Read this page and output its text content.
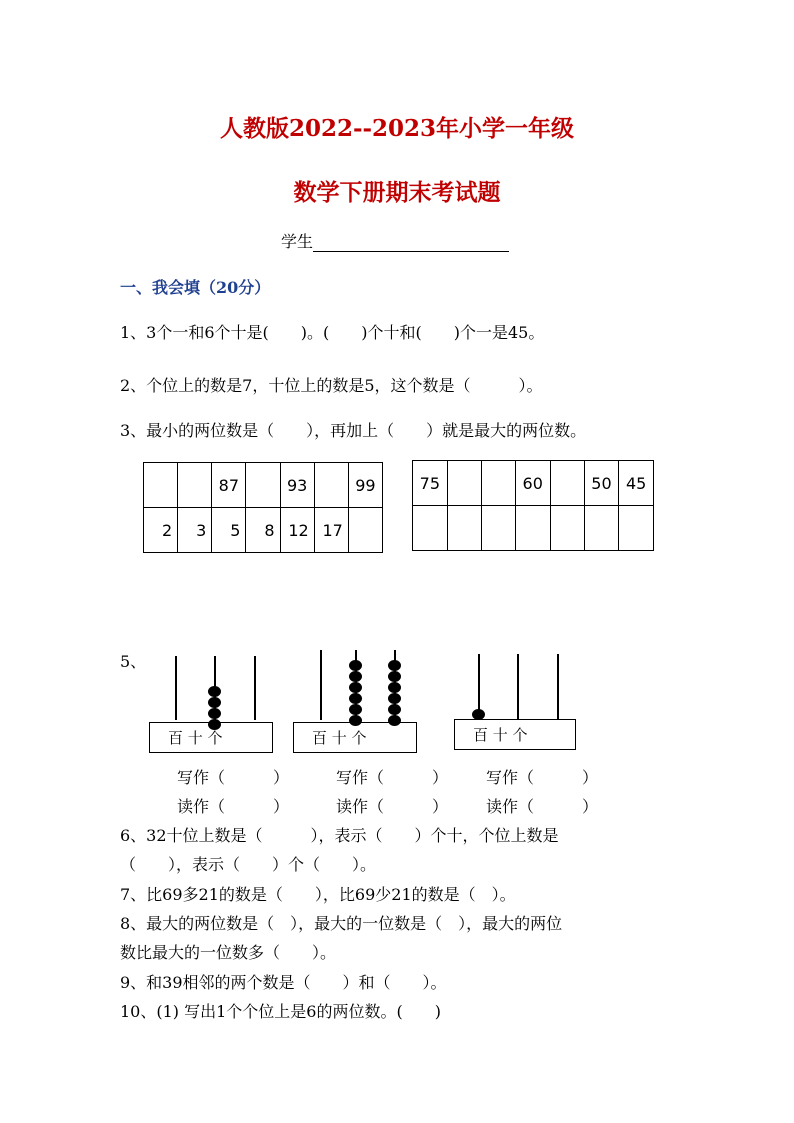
人教版2022--2023年小学一年级
数学下册期末考试题
学生
一、我会填（20分）
1、3个一和6个十是(　　)。(　　)个十和(　　)个一是45。
2、个位上的数是7，十位上的数是5，这个数是（　　　）。
3、最小的两位数是（　　），再加上（　　）就是最大的两位数。
		87		93		99
2	3	5	8	12	17	
75			60		50	45

5、
百 十 个	百 十 个	百 十 个
写作（　　　）	写作（　　　） 写作（　　　）
读作（　　　）	读作（　　　） 读作（　　　）
6、32十位上数是（　　　），表示（　　）个十，个位上数是
（　　），表示（　　）个（　　）。
7、比69多21的数是（　　），比69少21的数是（　）。
8、最大的两位数是（　），最大的一位数是（　），最大的两位
数比最大的一位数多（　　）。
9、和39相邻的两个数是（　　）和（　　）。
10、(1) 写出1个个位上是6的两位数。(　　)
